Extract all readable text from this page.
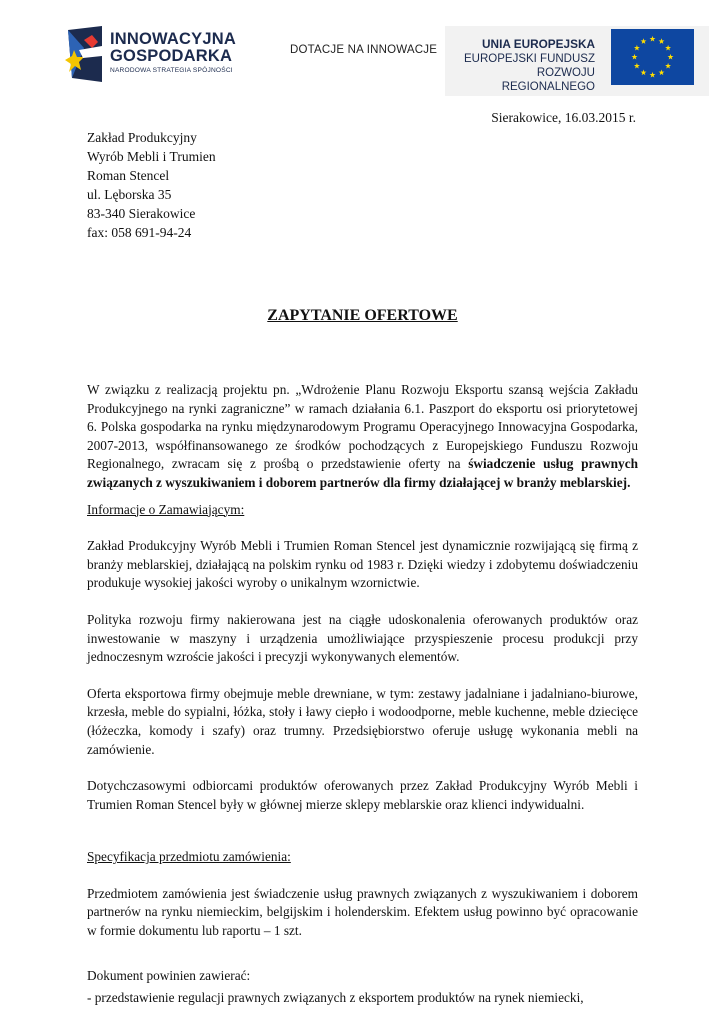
INNOWACYJNA
GOSPODARKA
NARODOWA STRATEGIA SPÓJNOŚCI
DOTACJE NA INNOWACJE	UNIA EUROPEJSKA
EUROPEJSKI FUNDUSZ
ROZWOJU REGIONALNEGO
Sierakowice, 16.03.2015 r.
Zakład Produkcyjny
Wyrób Mebli i Trumien
Roman Stencel
ul. Lęborska 35
83-340 Sierakowice
fax: 058 691-94-24
ZAPYTANIE OFERTOWE

W związku z realizacją projektu pn. „Wdrożenie Planu Rozwoju Eksportu szansą wejścia Zakładu Produkcyjnego na rynki zagraniczne” w ramach działania 6.1. Paszport do eksportu osi priorytetowej 6. Polska gospodarka na rynku międzynarodowym Programu Operacyjnego Innowacyjna Gospodarka, 2007-2013, współfinansowanego ze środków pochodzących z Europejskiego Funduszu Rozwoju Regionalnego, zwracam się z prośbą o przedstawienie oferty na świadczenie usług prawnych związanych z wyszukiwaniem i doborem partnerów dla firmy działającej w branży meblarskiej.

Informacje o Zamawiającym:

Zakład Produkcyjny Wyrób Mebli i Trumien Roman Stencel jest dynamicznie rozwijającą się firmą z branży meblarskiej, działającą na polskim rynku od 1983 r. Dzięki wiedzy i zdobytemu doświadczeniu produkuje wysokiej jakości wyroby o unikalnym wzornictwie.

Polityka rozwoju firmy nakierowana jest na ciągłe udoskonalenia oferowanych produktów oraz inwestowanie w maszyny i urządzenia umożliwiające przyspieszenie procesu produkcji przy jednoczesnym wzroście jakości i precyzji wykonywanych elementów.

Oferta eksportowa firmy obejmuje meble drewniane, w tym: zestawy jadalniane i jadalniano-biurowe, krzesła, meble do sypialni, łóżka, stoły i ławy ciepło i wodoodporne, meble kuchenne, meble dziecięce (łóżeczka, komody i szafy) oraz trumny. Przedsiębiorstwo oferuje usługę wykonania mebli na zamówienie.

Dotychczasowymi odbiorcami produktów oferowanych przez Zakład Produkcyjny Wyrób Mebli i Trumien Roman Stencel były w głównej mierze sklepy meblarskie oraz klienci indywidualni.

Specyfikacja przedmiotu zamówienia:

Przedmiotem zamówienia jest świadczenie usług prawnych związanych z wyszukiwaniem i doborem partnerów na rynku niemieckim, belgijskim i holenderskim. Efektem usług powinno być opracowanie w formie dokumentu lub raportu – 1 szt.

Dokument powinien zawierać:

- przedstawienie regulacji prawnych związanych z eksportem produktów na rynek niemiecki,
